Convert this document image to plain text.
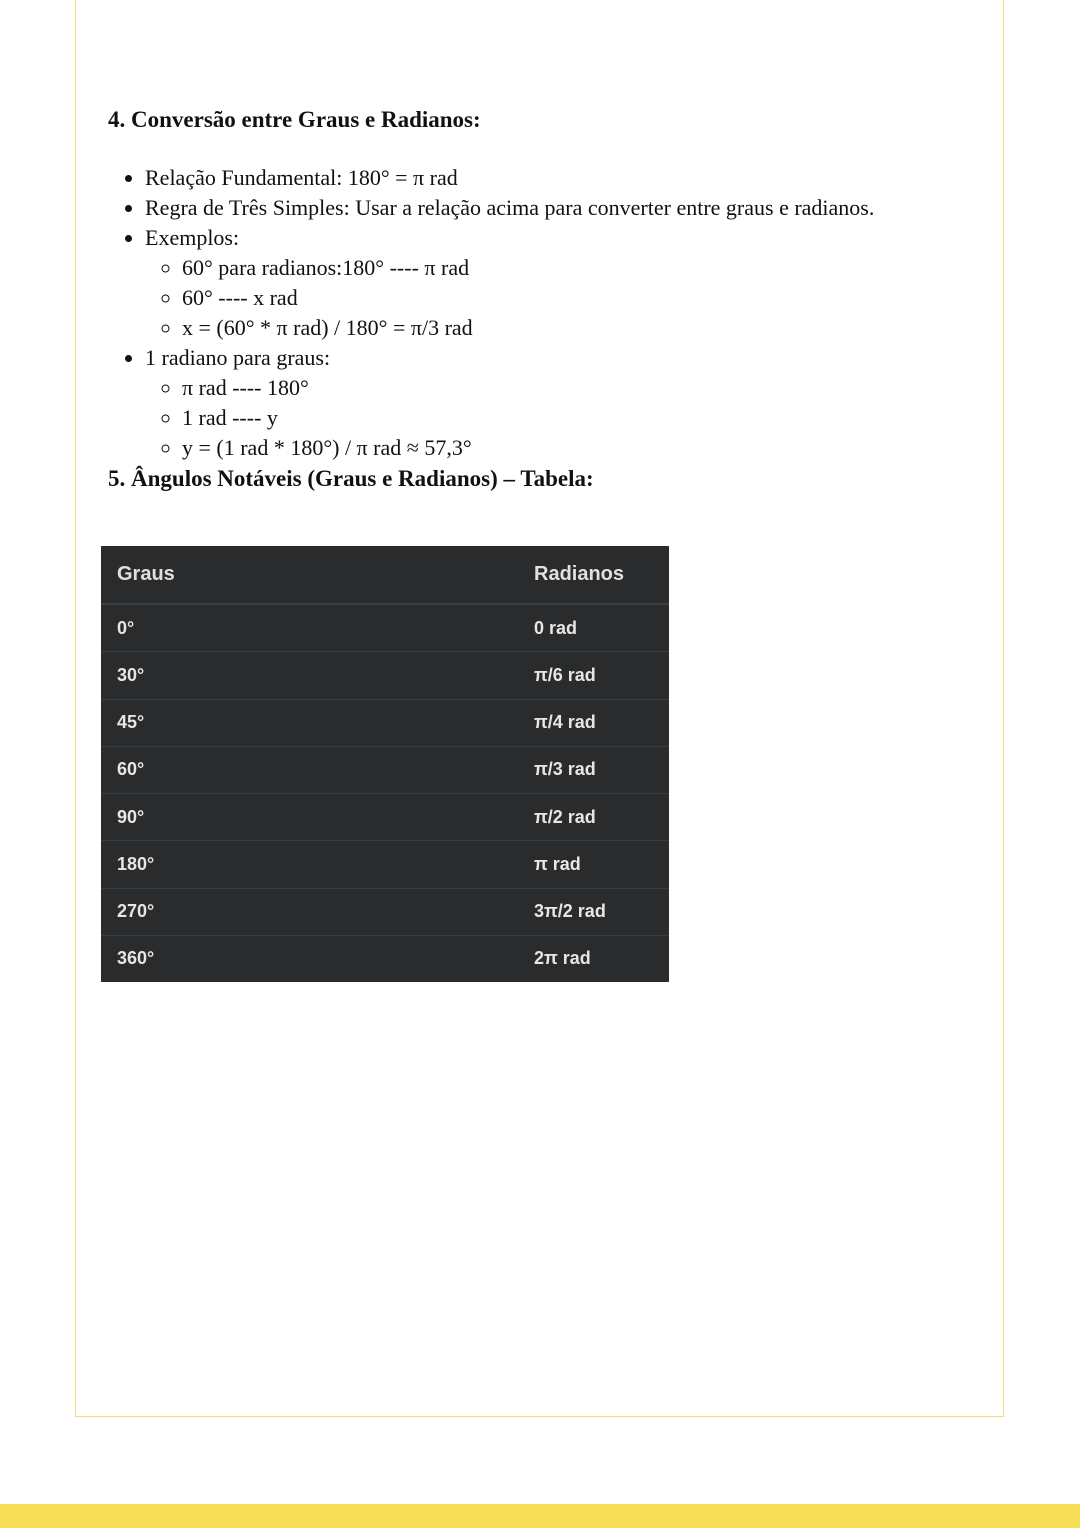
4. Conversão entre Graus e Radianos:
• Relação Fundamental: 180° = π rad
• Regra de Três Simples: Usar a relação acima para converter entre graus e radianos.
• Exemplos:
◦ 60° para radianos:180° ---- π rad
◦ 60° ---- x rad
◦ x = (60° * π rad) / 180° = π/3 rad
• 1 radiano para graus:
◦ π rad ---- 180°
◦ 1 rad ---- y
◦ y = (1 rad * 180°) / π rad ≈ 57,3°
5. Ângulos Notáveis (Graus e Radianos) – Tabela:
Graus	Radianos
0°	0 rad
30°	π/6 rad
45°	π/4 rad
60°	π/3 rad
90°	π/2 rad
180°	π rad
270°	3π/2 rad
360°	2π rad
